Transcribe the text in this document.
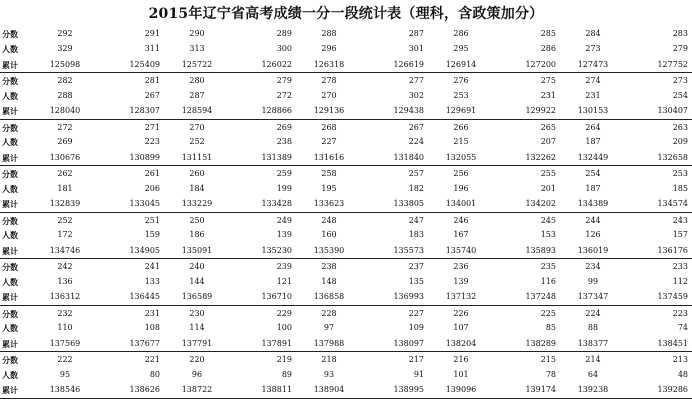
2015年辽宁省高考成绩一分一段统计表（理科，含政策加分）
分数	292	291	290	289	288	287	286	285	284	283
人数	329	311	313	300	296	301	295	286	273	279
累计	125098	125409	125722	126022	126318	126619	126914	127200	127473	127752
分数	282	281	280	279	278	277	276	275	274	273
人数	288	267	287	272	270	302	253	231	231	254
累计	128040	128307	128594	128866	129136	129438	129691	129922	130153	130407
分数	272	271	270	269	268	267	266	265	264	263
人数	269	223	252	238	227	224	215	207	187	209
累计	130676	130899	131151	131389	131616	131840	132055	132262	132449	132658
分数	262	261	260	259	258	257	256	255	254	253
人数	181	206	184	199	195	182	196	201	187	185
累计	132839	133045	133229	133428	133623	133805	134001	134202	134389	134574
分数	252	251	250	249	248	247	246	245	244	243
人数	172	159	186	139	160	183	167	153	126	157
累计	134746	134905	135091	135230	135390	135573	135740	135893	136019	136176
分数	242	241	240	239	238	237	236	235	234	233
人数	136	133	144	121	148	135	139	116	99	112
累计	136312	136445	136589	136710	136858	136993	137132	137248	137347	137459
分数	232	231	230	229	228	227	226	225	224	223
人数	110	108	114	100	97	109	107	85	88	74
累计	137569	137677	137791	137891	137988	138097	138204	138289	138377	138451
分数	222	221	220	219	218	217	216	215	214	213
人数	95	80	96	89	93	91	101	78	64	48
累计	138546	138626	138722	138811	138904	138995	139096	139174	139238	139286
